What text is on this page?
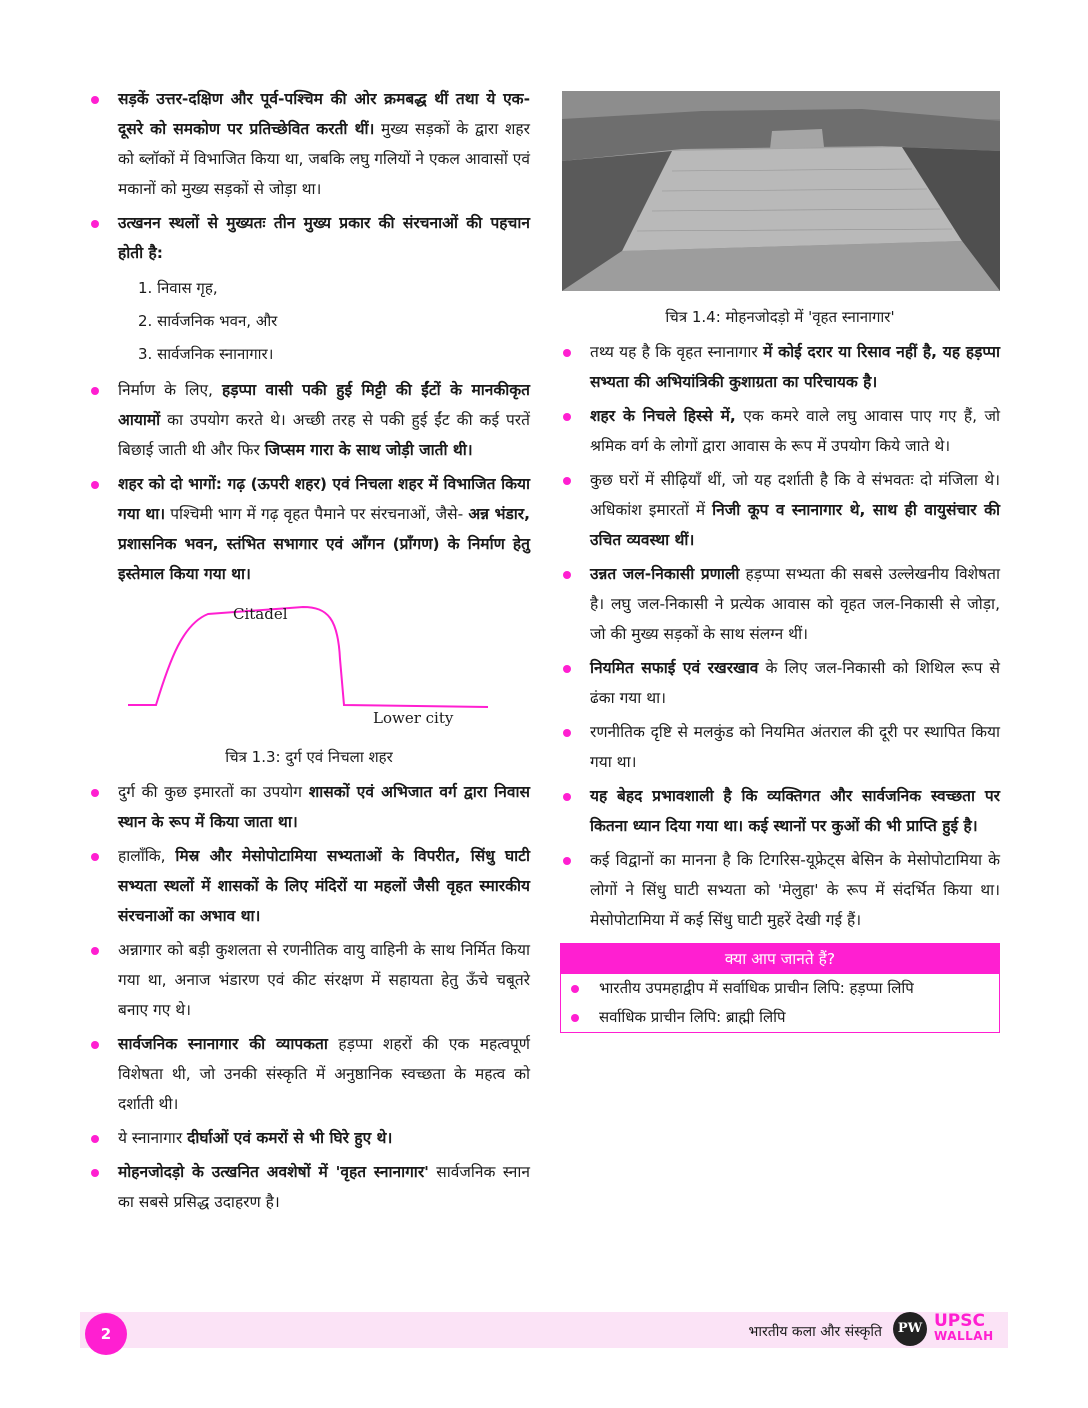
सड़कें उत्तर-दक्षिण और पूर्व-पश्चिम की ओर क्रमबद्ध थीं तथा ये एक-दूसरे को समकोण पर प्रतिच्छेवित करती थीं। मुख्य सड़कों के द्वारा शहर को ब्लॉकों में विभाजित किया था, जबकि लघु गलियों ने एकल आवासों एवं मकानों को मुख्य सड़कों से जोड़ा था।
उत्खनन स्थलों से मुख्यतः तीन मुख्य प्रकार की संरचनाओं की पहचान होती है:
1. निवास गृह,
2. सार्वजनिक भवन, और
3. सार्वजनिक स्नानागार।
निर्माण के लिए, हड़प्पा वासी पकी हुई मिट्टी की ईंटों के मानकीकृत आयामों का उपयोग करते थे। अच्छी तरह से पकी हुई ईंट की कई परतें बिछाई जाती थी और फिर जिप्सम गारा के साथ जोड़ी जाती थी।
शहर को दो भागों: गढ़ (ऊपरी शहर) एवं निचला शहर में विभाजित किया गया था। पश्चिमी भाग में गढ़ वृहत पैमाने पर संरचनाओं, जैसे- अन्न भंडार, प्रशासनिक भवन, स्तंभित सभागार एवं आँगन (प्राँगण) के निर्माण हेतु इस्तेमाल किया गया था।
Citadel
Lower city
चित्र 1.3: दुर्ग एवं निचला शहर
दुर्ग की कुछ इमारतों का उपयोग शासकों एवं अभिजात वर्ग द्वारा निवास स्थान के रूप में किया जाता था।
हालाँकि, मिस्र और मेसोपोटामिया सभ्यताओं के विपरीत, सिंधु घाटी सभ्यता स्थलों में शासकों के लिए मंदिरों या महलों जैसी वृहत स्मारकीय संरचनाओं का अभाव था।
अन्नागार को बड़ी कुशलता से रणनीतिक वायु वाहिनी के साथ निर्मित किया गया था, अनाज भंडारण एवं कीट संरक्षण में सहायता हेतु ऊँचे चबूतरे बनाए गए थे।
सार्वजनिक स्नानागार की व्यापकता हड़प्पा शहरों की एक महत्वपूर्ण विशेषता थी, जो उनकी संस्कृति में अनुष्ठानिक स्वच्छता के महत्व को दर्शाती थी।
ये स्नानागार दीर्घाओं एवं कमरों से भी घिरे हुए थे।
मोहनजोदड़ो के उत्खनित अवशेषों में 'वृहत स्नानागार' सार्वजनिक स्नान का सबसे प्रसिद्ध उदाहरण है।
चित्र 1.4: मोहनजोदड़ो में 'वृहत स्नानागार'
तथ्य यह है कि वृहत स्नानागार में कोई दरार या रिसाव नहीं है, यह हड़प्पा सभ्यता की अभियांत्रिकी कुशाग्रता का परिचायक है।
शहर के निचले हिस्से में, एक कमरे वाले लघु आवास पाए गए हैं, जो श्रमिक वर्ग के लोगों द्वारा आवास के रूप में उपयोग किये जाते थे।
कुछ घरों में सीढ़ियाँ थीं, जो यह दर्शाती है कि वे संभवतः दो मंजिला थे। अधिकांश इमारतों में निजी कूप व स्नानागार थे, साथ ही वायुसंचार की उचित व्यवस्था थीं।
उन्नत जल-निकासी प्रणाली हड़प्पा सभ्यता की सबसे उल्लेखनीय विशेषता है। लघु जल-निकासी ने प्रत्येक आवास को वृहत जल-निकासी से जोड़ा, जो की मुख्य सड़कों के साथ संलग्न थीं।
नियमित सफाई एवं रखरखाव के लिए जल-निकासी को शिथिल रूप से ढंका गया था।
रणनीतिक दृष्टि से मलकुंड को नियमित अंतराल की दूरी पर स्थापित किया गया था।
यह बेहद प्रभावशाली है कि व्यक्तिगत और सार्वजनिक स्वच्छता पर कितना ध्यान दिया गया था। कई स्थानों पर कुओं की भी प्राप्ति हुई है।
कई विद्वानों का मानना है कि टिगरिस-यूफ्रेट्स बेसिन के मेसोपोटामिया के लोगों ने सिंधु घाटी सभ्यता को 'मेलुहा' के रूप में संदर्भित किया था। मेसोपोटामिया में कई सिंधु घाटी मुहरें देखी गई हैं।
क्या आप जानते हैं?
भारतीय उपमहाद्वीप में सर्वाधिक प्राचीन लिपि: हड़प्पा लिपि
सर्वाधिक प्राचीन लिपि: ब्राह्मी लिपि
2	भारतीय कला और संस्कृति	PW UPSC
WALLAH
